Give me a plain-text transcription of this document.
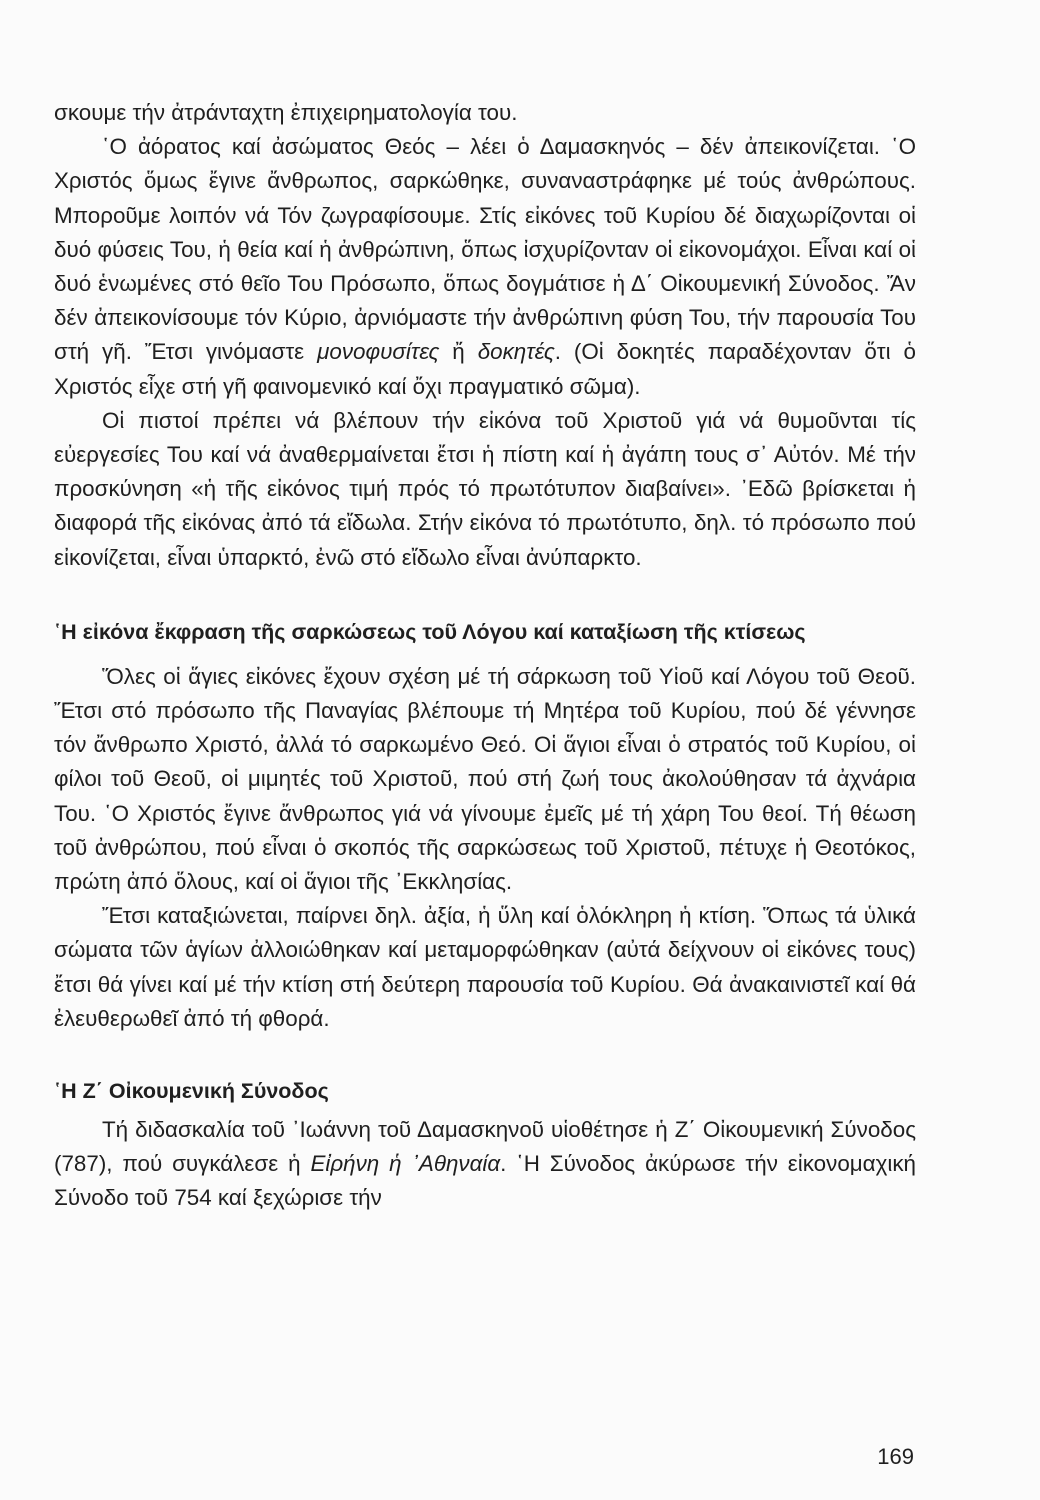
σκουμε τήν ἀτράνταχτη ἐπιχειρηματολογία του.

῾Ο ἀόρατος καί ἀσώματος Θεός – λέει ὁ Δαμασκηνός – δέν ἀπεικονίζεται. ῾Ο Χριστός ὅμως ἔγινε ἄνθρωπος, σαρκώθηκε, συναναστράφηκε μέ τούς ἀνθρώπους. Μποροῦμε λοιπόν νά Τόν ζωγραφίσουμε. Στίς εἰκόνες τοῦ Κυρίου δέ διαχωρίζονται οἱ δυό φύσεις Του, ἡ θεία καί ἡ ἀνθρώπινη, ὅπως ἰσχυρίζονταν οἱ εἰκονομάχοι. Εἶναι καί οἱ δυό ἑνωμένες στό θεῖο Του Πρόσωπο, ὅπως δογμάτισε ἡ Δ΄ Οἰκουμενική Σύνοδος. Ἄν δέν ἀπεικονίσουμε τόν Κύριο, ἀρνιόμαστε τήν ἀνθρώπινη φύση Του, τήν παρουσία Του στή γῆ. Ἔτσι γινόμαστε μονοφυσίτες ἤ δοκητές. (Οἱ δοκητές παραδέχονταν ὅτι ὁ Χριστός εἶχε στή γῆ φαινομενικό καί ὄχι πραγματικό σῶμα).

Οἱ πιστοί πρέπει νά βλέπουν τήν εἰκόνα τοῦ Χριστοῦ γιά νά θυμοῦνται τίς εὐεργεσίες Του καί νά ἀναθερμαίνεται ἔτσι ἡ πίστη καί ἡ ἀγάπη τους σ᾽ Αὐτόν. Μέ τήν προσκύνηση «ἡ τῆς εἰκόνος τιμή πρός τό πρωτότυπον διαβαίνει». ᾽Εδῶ βρίσκεται ἡ διαφορά τῆς εἰκόνας ἀπό τά εἴδωλα. Στήν εἰκόνα τό πρωτότυπο, δηλ. τό πρόσωπο πού εἰκονίζεται, εἶναι ὑπαρκτό, ἐνῶ στό εἴδωλο εἶναι ἀνύπαρκτο.

῾Η εἰκόνα ἔκφραση τῆς σαρκώσεως τοῦ Λόγου καί καταξίωση τῆς κτίσεως

Ὅλες οἱ ἅγιες εἰκόνες ἔχουν σχέση μέ τή σάρκωση τοῦ Υἱοῦ καί Λόγου τοῦ Θεοῦ. Ἔτσι στό πρόσωπο τῆς Παναγίας βλέπουμε τή Μητέρα τοῦ Κυρίου, πού δέ γέννησε τόν ἄνθρωπο Χριστό, ἀλλά τό σαρκωμένο Θεό. Οἱ ἅγιοι εἶναι ὁ στρατός τοῦ Κυρίου, οἱ φίλοι τοῦ Θεοῦ, οἱ μιμητές τοῦ Χριστοῦ, πού στή ζωή τους ἀκολούθησαν τά ἀχνάρια Του. ῾Ο Χριστός ἔγινε ἄνθρωπος γιά νά γίνουμε ἐμεῖς μέ τή χάρη Του θεοί. Τή θέωση τοῦ ἀνθρώπου, πού εἶναι ὁ σκοπός τῆς σαρκώσεως τοῦ Χριστοῦ, πέτυχε ἡ Θεοτόκος, πρώτη ἀπό ὅλους, καί οἱ ἅγιοι τῆς ᾽Εκκλησίας.

Ἔτσι καταξιώνεται, παίρνει δηλ. ἀξία, ἡ ὕλη καί ὁλόκληρη ἡ κτίση. Ὅπως τά ὑλικά σώματα τῶν ἁγίων ἀλλοιώθηκαν καί μεταμορφώθηκαν (αὐτά δείχνουν οἱ εἰκόνες τους) ἔτσι θά γίνει καί μέ τήν κτίση στή δεύτερη παρουσία τοῦ Κυρίου. Θά ἀνακαινιστεῖ καί θά ἐλευθερωθεῖ ἀπό τή φθορά.

῾Η Ζ΄ Οἰκουμενική Σύνοδος

Τή διδασκαλία τοῦ ᾽Ιωάννη τοῦ Δαμασκηνοῦ υἱοθέτησε ἡ Ζ΄ Οἰκουμενική Σύνοδος (787), πού συγκάλεσε ἡ Εἰρήνη ἡ ᾽Αθηναία. ῾Η Σύνοδος ἀκύρωσε τήν εἰκονομαχική Σύνοδο τοῦ 754 καί ξεχώρισε τήν

169
